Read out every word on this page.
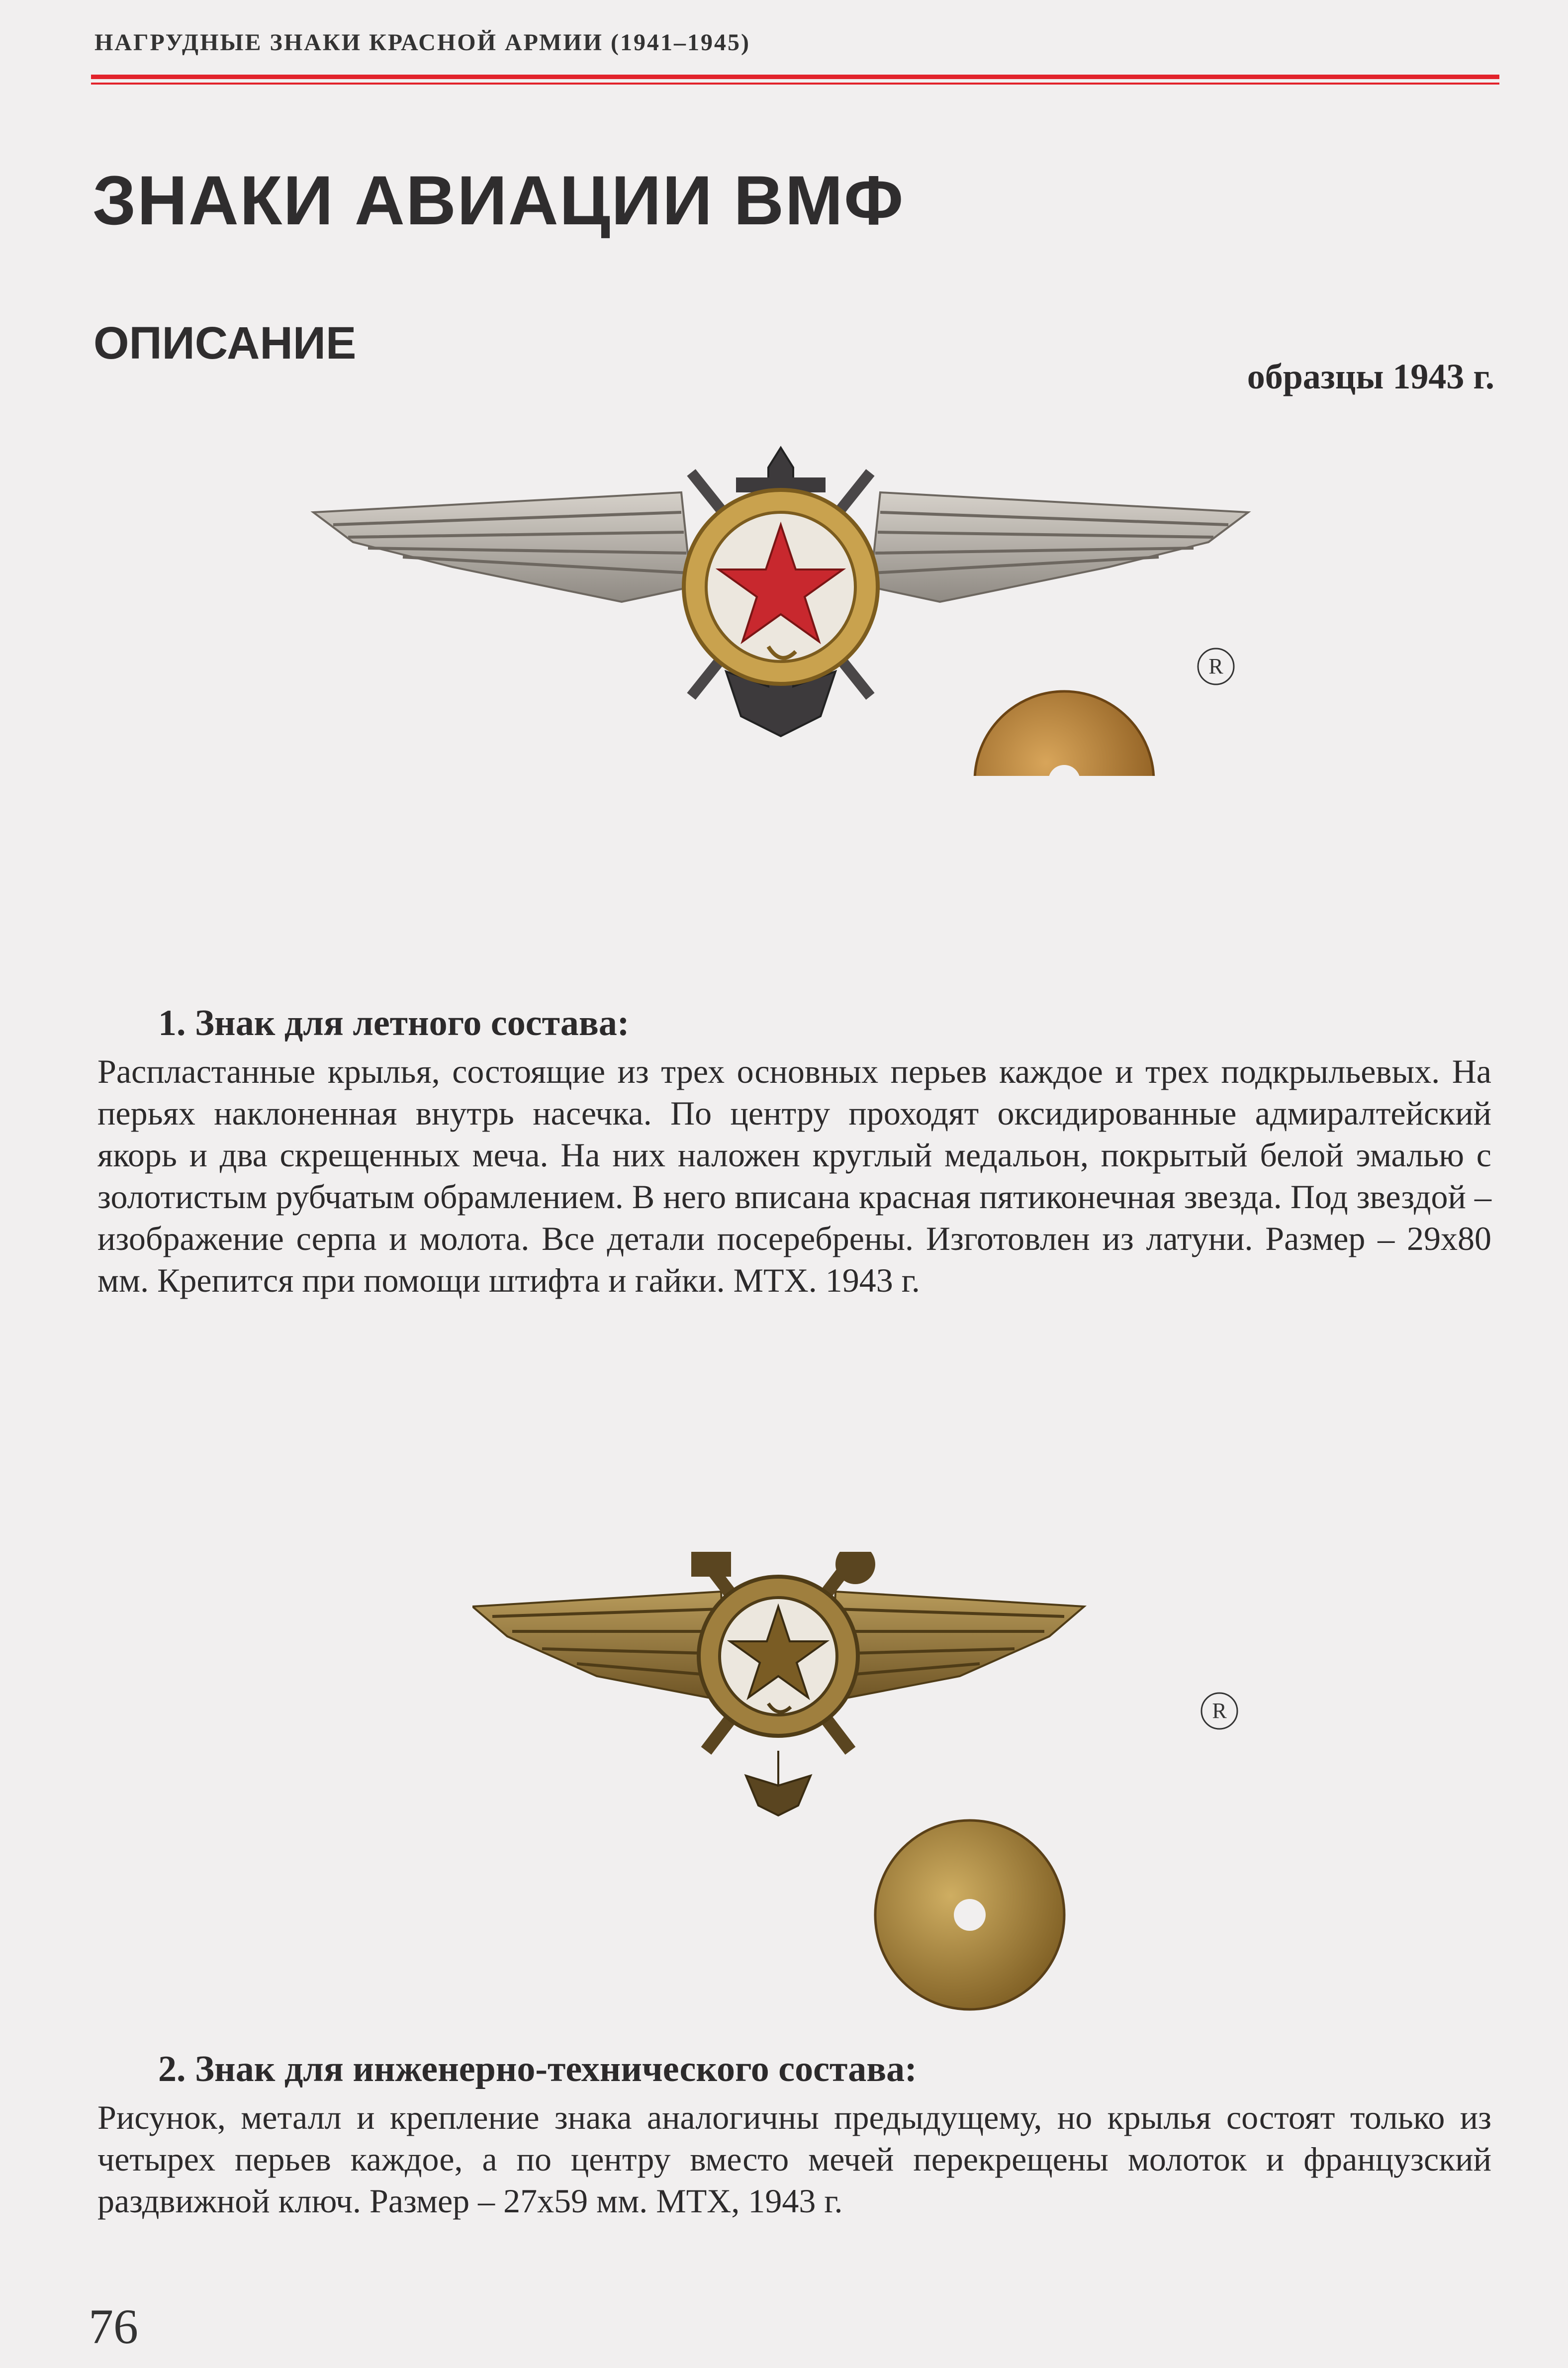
НАГРУДНЫЕ ЗНАКИ КРАСНОЙ АРМИИ (1941–1945)
ЗНАКИ АВИАЦИИ ВМФ
ОПИСАНИЕ
образцы 1943 г.
R
1. Знак для летного состава:
Распластанные крылья, состоящие из трех основных перьев каждое и трех подкрыльевых. На перьях наклоненная внутрь насечка. По центру проходят оксидированные адмиралтейский якорь и два скрещенных меча. На них наложен круглый медальон, покрытый белой эмалью с золотистым рубчатым обрамлением. В него вписана красная пятиконечная звезда. Под звездой – изображение серпа и молота. Все детали посеребрены. Изготовлен из латуни. Размер – 29х80 мм. Крепится при помощи штифта и гайки. МТХ. 1943 г.
R
2. Знак для инженерно-технического состава:
Рисунок, металл и крепление знака аналогичны предыдущему, но крылья состоят только из четырех перьев каждое, а по центру вместо мечей перекрещены молоток и французский раздвижной ключ. Размер – 27х59 мм. МТХ, 1943 г.
76
